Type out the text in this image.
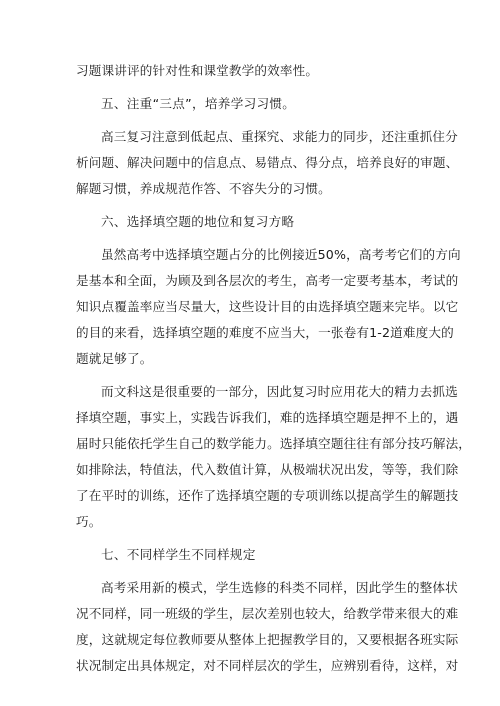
习题课讲评的针对性和课堂教学的效率性。
五、注重“三点”，培养学习习惯。
高三复习注意到低起点、重探究、求能力的同步，还注重抓住分
析问题、解决问题中的信息点、易错点、得分点，培养良好的审题、
解题习惯，养成规范作答、不容失分的习惯。
六、选择填空题的地位和复习方略
虽然高考中选择填空题占分的比例接近50%，高考考它们的方向
是基本和全面，为顾及到各层次的考生，高考一定要考基本，考试的
知识点覆盖率应当尽量大，这些设计目的由选择填空题来完毕。以它
的目的来看，选择填空题的难度不应当大，一张卷有1-2道难度大的
题就足够了。
而文科这是很重要的一部分，因此复习时应用花大的精力去抓选
择填空题，事实上，实践告诉我们，难的选择填空题是押不上的，遇
届时只能依托学生自己的数学能力。选择填空题往往有部分技巧解法，
如排除法，特值法，代入数值计算，从极端状况出发，等等，我们除
了在平时的训练，还作了选择填空题的专项训练以提高学生的解题技
巧。
七、不同样学生不同样规定
高考采用新的模式，学生选修的科类不同样，因此学生的整体状
况不同样，同一班级的学生，层次差别也较大，给教学带来很大的难
度，这就规定每位教师要从整体上把握教学目的，又要根据各班实际
状况制定出具体规定，对不同样层次的学生，应辨别看待，这样，对
